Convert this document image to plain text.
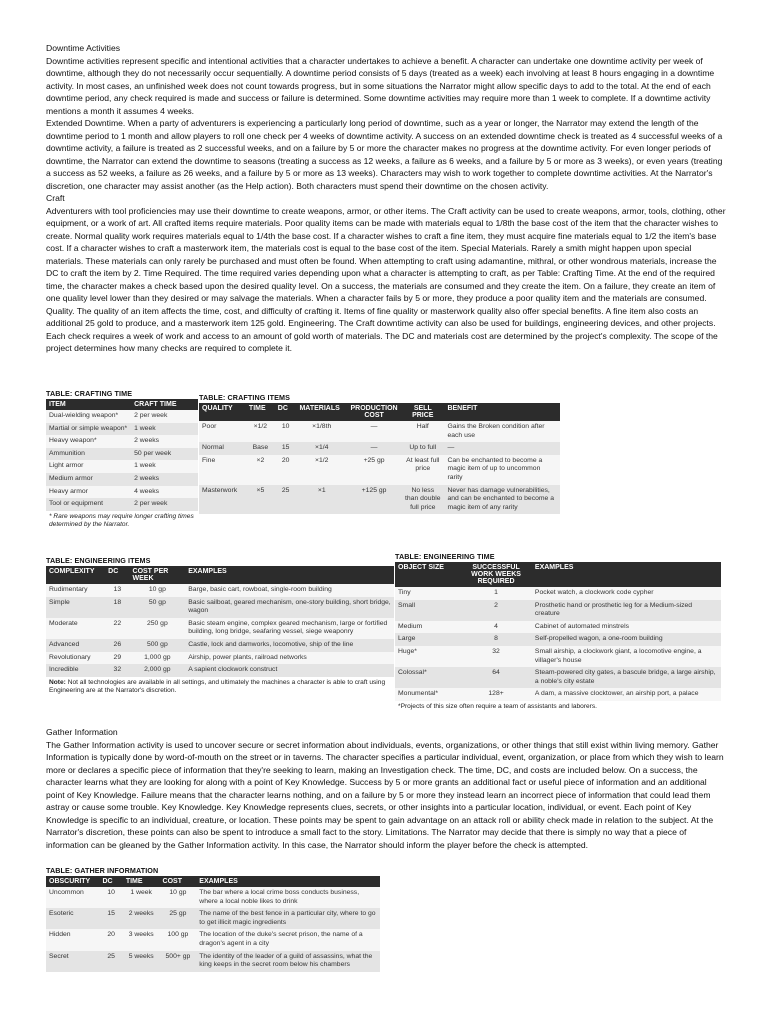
Downtime Activities

Downtime activities represent specific and intentional activities that a character undertakes to achieve a benefit. A character can undertake one downtime activity per week of downtime, although they do not necessarily occur sequentially. A downtime period consists of 5 days (treated as a week) each involving at least 8 hours engaging in a downtime activity. In most cases, an unfinished week does not count towards progress, but in some situations the Narrator might allow specific days to add to the total. At the end of each downtime period, any check required is made and success or failure is determined. Some downtime activities may require more than 1 week to complete. If a downtime activity mentions a month it assumes 4 weeks.

Extended Downtime. When a party of adventurers is experiencing a particularly long period of downtime, such as a year or longer, the Narrator may extend the length of the downtime period to 1 month and allow players to roll one check per 4 weeks of downtime activity. A success on an extended downtime check is treated as 4 successful weeks of a downtime activity, a failure is treated as 2 successful weeks, and on a failure by 5 or more the character makes no progress at the downtime activity. For even longer periods of downtime, the Narrator can extend the downtime to seasons (treating a success as 12 weeks, a failure as 6 weeks, and a failure by 5 or more as 3 weeks), or even years (treating a success as 52 weeks, a failure as 26 weeks, and a failure by 5 or more as 13 weeks). Characters may wish to work together to complete downtime activities. At the Narrator's discretion, one character may assist another (as the Help action). Both characters must spend their downtime on the chosen activity.

Craft

Adventurers with tool proficiencies may use their downtime to create weapons, armor, or other items. The Craft activity can be used to create weapons, armor, tools, clothing, other equipment, or a work of art. All crafted items require materials. Poor quality items can be made with materials equal to 1/8th the base cost of the item that the character wishes to create. Normal quality work requires materials equal to 1/4th the base cost. If a character wishes to craft a fine item, they must acquire fine materials equal to 1/2 the item's base cost. If a character wishes to craft a masterwork item, the materials cost is equal to the base cost of the item. Special Materials. Rarely a smith might happen upon special materials. These materials can only rarely be purchased and must often be found. When attempting to craft using adamantine, mithral, or other wondrous materials, increase the DC to craft the item by 2. Time Required. The time required varies depending upon what a character is attempting to craft, as per Table: Crafting Time. At the end of the required time, the character makes a check based upon the desired quality level. On a success, the materials are consumed and they create the item. On a failure, they create an item of one quality level lower than they desired or may salvage the materials. When a character fails by 5 or more, they produce a poor quality item and the materials are consumed. Quality. The quality of an item affects the time, cost, and difficulty of crafting it. Items of fine quality or masterwork quality also offer special benefits. A fine item also costs an additional 25 gold to produce, and a masterwork item 125 gold. Engineering. The Craft downtime activity can also be used for buildings, engineering devices, and other projects. Each check requires a week of work and access to an amount of gold worth of materials. The DC and materials cost are determined by the project's complexity. The scope of the project determines how many checks are required to complete it.

TABLE: CRAFTING TIME
ITEM	CRAFT TIME
Dual-wielding weapon*	2 per week
Martial or simple weapon*	1 week
Heavy weapon*	2 weeks
Ammunition	50 per week
Light armor	1 week
Medium armor	2 weeks
Heavy armor	4 weeks
Tool or equipment	2 per week
* Rare weapons may require longer crafting times determined by the Narrator.
TABLE: CRAFTING ITEMS
QUALITY	TIME	DC	MATERIALS	PRODUCTION COST	SELL PRICE	BENEFIT
Poor	×1/2	10	×1/8th	—	Half	Gains the Broken condition after each use
Normal	Base	15	×1/4	—	Up to full	—
Fine	×2	20	×1/2	+25 gp	At least full price	Can be enchanted to become a magic item of up to uncommon rarity
Masterwork	×5	25	×1	+125 gp	No less than double full price	Never has damage vulnerabilities, and can be enchanted to become a magic item of any rarity
TABLE: ENGINEERING ITEMS
COMPLEXITY	DC	COST PER WEEK	EXAMPLES
Rudimentary	13	10 gp	Barge, basic cart, rowboat, single-room building
Simple	18	50 gp	Basic sailboat, geared mechanism, one-story building, short bridge, wagon
Moderate	22	250 gp	Basic steam engine, complex geared mechanism, large or fortified building, long bridge, seafaring vessel, siege weaponry
Advanced	26	500 gp	Castle, lock and damworks, locomotive, ship of the line
Revolutionary	29	1,000 gp	Airship, power plants, railroad networks
Incredible	32	2,000 gp	A sapient clockwork construct
Note: Not all technologies are available in all settings, and ultimately the machines a character is able to craft using Engineering are at the Narrator's discretion.
TABLE: ENGINEERING TIME
OBJECT SIZE	SUCCESSFUL WORK WEEKS REQUIRED	EXAMPLES
Tiny	1	Pocket watch, a clockwork code cypher
Small	2	Prosthetic hand or prosthetic leg for a Medium-sized creature
Medium	4	Cabinet of automated minstrels
Large	8	Self-propelled wagon, a one-room building
Huge*	32	Small airship, a clockwork giant, a locomotive engine, a villager's house
Colossal*	64	Steam-powered city gates, a bascule bridge, a large airship, a noble's city estate
Monumental*	128+	A dam, a massive clocktower, an airship port, a palace
*Projects of this size often require a team of assistants and laborers.

Gather Information

The Gather Information activity is used to uncover secure or secret information about individuals, events, organizations, or other things that still exist within living memory. Gather Information is typically done by word-of-mouth on the street or in taverns. The character specifies a particular individual, event, organization, or place from which they wish to learn more or declares a specific piece of information that they're seeking to learn, making an Investigation check. The time, DC, and costs are included below. On a success, the character learns what they are looking for along with a point of Key Knowledge. Success by 5 or more grants an additional fact or useful piece of information and an additional point of Key Knowledge. Failure means that the character learns nothing, and on a failure by 5 or more they instead learn an incorrect piece of information that could lead them astray or cause some trouble. Key Knowledge. Key Knowledge represents clues, secrets, or other insights into a particular location, individual, or event. Each point of Key Knowledge is specific to an individual, creature, or location. These points may be spent to gain advantage on an attack roll or ability check made in relation to the subject. At the Narrator's discretion, these points can also be spent to introduce a small fact to the story. Limitations. The Narrator may decide that there is simply no way that a piece of information can be gleaned by the Gather Information activity. In this case, the Narrator should inform the player before the check is attempted.

TABLE: GATHER INFORMATION
OBSCURITY	DC	TIME	COST	EXAMPLES
Uncommon	10	1 week	10 gp	The bar where a local crime boss conducts business, where a local noble likes to drink
Esoteric	15	2 weeks	25 gp	The name of the best fence in a particular city, where to go to get illicit magic ingredients
Hidden	20	3 weeks	100 gp	The location of the duke's secret prison, the name of a dragon's agent in a city
Secret	25	5 weeks	500+ gp	The identity of the leader of a guild of assassins, what the king keeps in the secret room below his chambers
